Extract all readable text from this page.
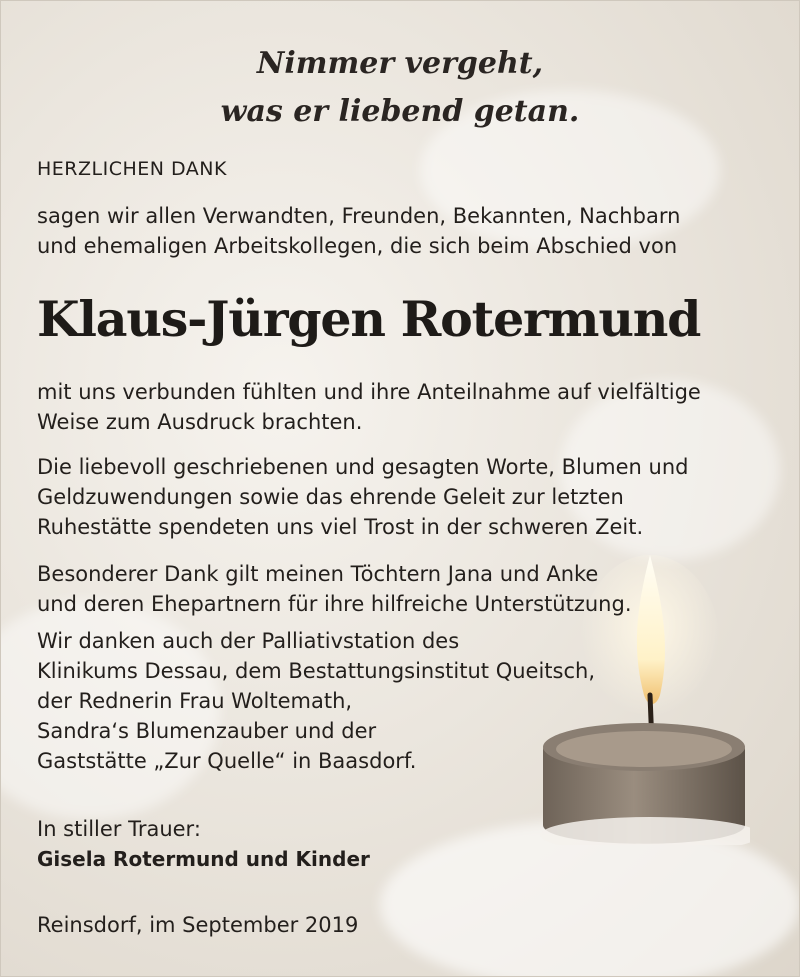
Nimmer vergeht,
was er liebend getan.
HERZLICHEN DANK
sagen wir allen Verwandten, Freunden, Bekannten, Nachbarn
und ehemaligen Arbeitskollegen, die sich beim Abschied von
Klaus-Jürgen Rotermund
mit uns verbunden fühlten und ihre Anteilnahme auf vielfältige
Weise zum Ausdruck brachten.
Die liebevoll geschriebenen und gesagten Worte, Blumen und
Geldzuwendungen sowie das ehrende Geleit zur letzten
Ruhestätte spendeten uns viel Trost in der schweren Zeit.
Besonderer Dank gilt meinen Töchtern Jana und Anke
und deren Ehepartnern für ihre hilfreiche Unterstützung.
Wir danken auch der Palliativstation des
Klinikums Dessau, dem Bestattungsinstitut Queitsch,
der Rednerin Frau Woltemath,
Sandra‘s Blumenzauber und der
Gaststätte „Zur Quelle“ in Baasdorf.
In stiller Trauer:
Gisela Rotermund und Kinder
Reinsdorf, im September 2019
